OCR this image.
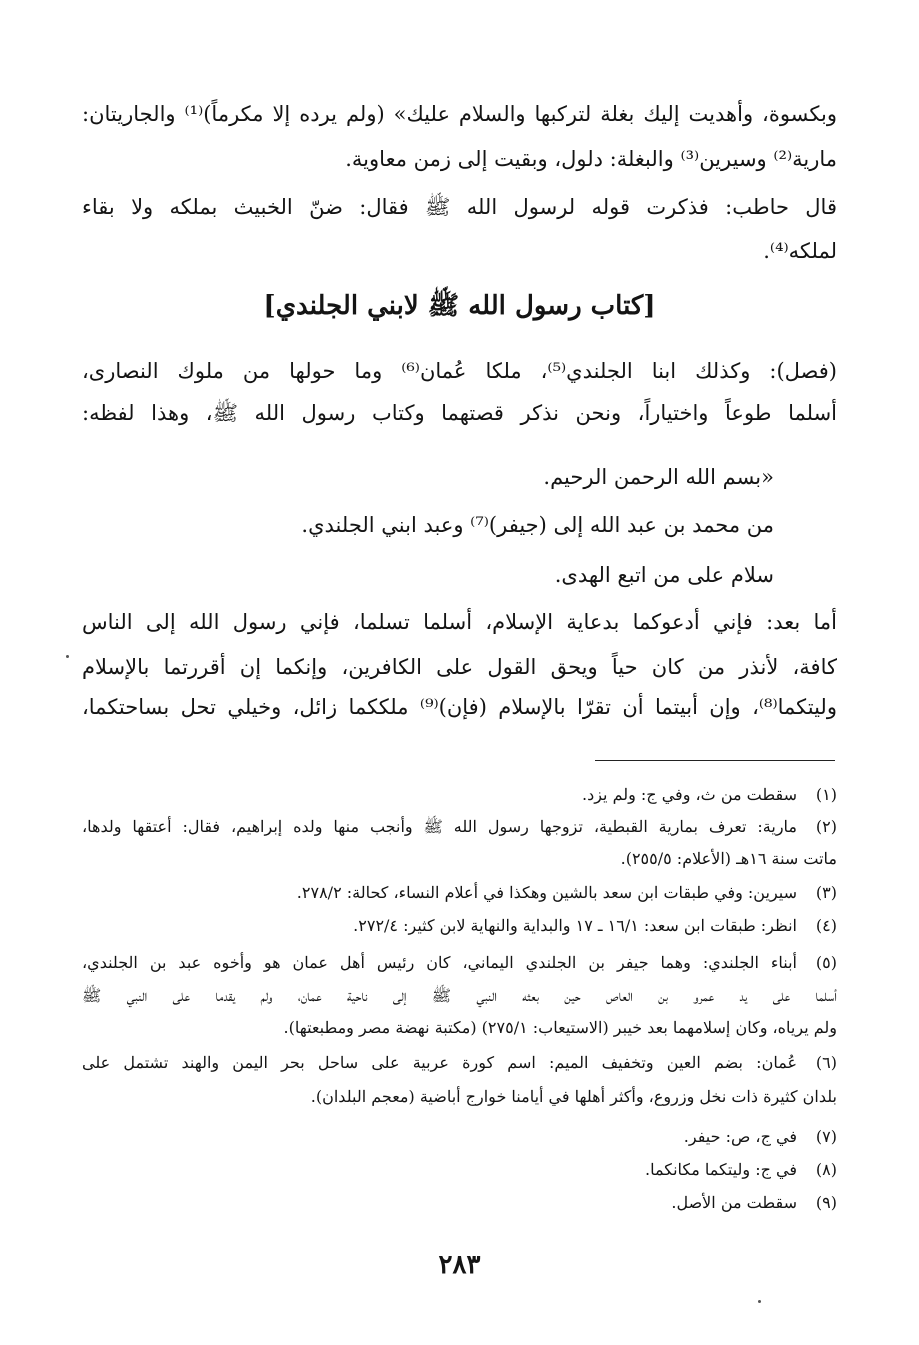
وبكسوة، وأهديت إليك بغلة لتركبها والسلام عليك» (ولم يرده إلا مكرماً)⁽¹⁾ والجاريتان:
مارية⁽²⁾ وسيرين⁽³⁾ والبغلة: دلول، وبقيت إلى زمن معاوية.
قال حاطب: فذكرت قوله لرسول الله ﷺ فقال: ضنّ الخبيث بملكه ولا بقاء
لملكه⁽⁴⁾.
[كتاب رسول الله ﷺ لابني الجلندي]
(فصل): وكذلك ابنا الجلندي⁽⁵⁾، ملكا عُمان⁽⁶⁾ وما حولها من ملوك النصارى،
أسلما طوعاً واختياراً، ونحن نذكر قصتهما وكتاب رسول الله ﷺ، وهذا لفظه:
«بسم الله الرحمن الرحيم.
من محمد بن عبد الله إلى (جيفر)⁽⁷⁾ وعبد ابني الجلندي.
سلام على من اتبع الهدى.
أما بعد: فإني أدعوكما بدعاية الإسلام، أسلما تسلما، فإني رسول الله إلى الناس
كافة، لأنذر من كان حياً ويحق القول على الكافرين، وإنكما إن أقررتما بالإسلام
وليتكما⁽⁸⁾، وإن أبيتما أن تقرّا بالإسلام (فإن)⁽⁹⁾ ملككما زائل، وخيلي تحل بساحتكما،
(١)سقطت من ث، وفي ج: ولم يزد.
(٢)مارية: تعرف بمارية القبطية، تزوجها رسول الله ﷺ وأنجب منها ولده إبراهيم، فقال: أعتقها ولدها،
ماتت سنة ١٦هـ (الأعلام: ٢٥٥/٥).
(٣)سيرين: وفي طبقات ابن سعد بالشين وهكذا في أعلام النساء، كحالة: ٢٧٨/٢.
(٤)انظر: طبقات ابن سعد: ١٦/١ ـ ١٧ والبداية والنهاية لابن كثير: ٢٧٢/٤.
(٥)أبناء الجلندي: وهما جيفر بن الجلندي اليماني، كان رئيس أهل عمان هو وأخوه عبد بن الجلندي،
أسلما على يد عمرو بن العاص حين بعثه النبي ﷺ إلى ناحية عمان، ولم يقدما على النبي ﷺ
ولم يرياه، وكان إسلامهما بعد خيبر (الاستيعاب: ٢٧٥/١) (مكتبة نهضة مصر ومطبعتها).
(٦)عُمان: بضم العين وتخفيف الميم: اسم كورة عربية على ساحل بحر اليمن والهند تشتمل على
بلدان كثيرة ذات نخل وزروع، وأكثر أهلها في أيامنا خوارج أباضية (معجم البلدان).
(٧)في ج، ص: حيفر.
(٨)في ج: وليتكما مكانكما.
(٩)سقطت من الأصل.
٢٨٣
